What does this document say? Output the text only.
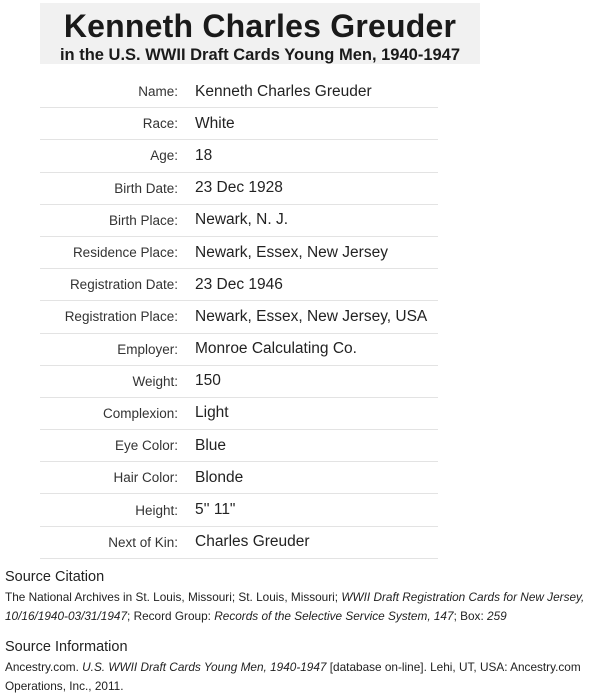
Kenneth Charles Greuder
in the U.S. WWII Draft Cards Young Men, 1940-1947
Name: Kenneth Charles Greuder
Race: White
Age: 18
Birth Date: 23 Dec 1928
Birth Place: Newark, N. J.
Residence Place: Newark, Essex, New Jersey
Registration Date: 23 Dec 1946
Registration Place: Newark, Essex, New Jersey, USA
Employer: Monroe Calculating Co.
Weight: 150
Complexion: Light
Eye Color: Blue
Hair Color: Blonde
Height: 5'' 11"
Next of Kin: Charles Greuder
Source Citation
The National Archives in St. Louis, Missouri; St. Louis, Missouri; WWII Draft Registration Cards for New Jersey, 10/16/1940-03/31/1947; Record Group: Records of the Selective Service System, 147; Box: 259
Source Information
Ancestry.com. U.S. WWII Draft Cards Young Men, 1940-1947 [database on-line]. Lehi, UT, USA: Ancestry.com Operations, Inc., 2011.
